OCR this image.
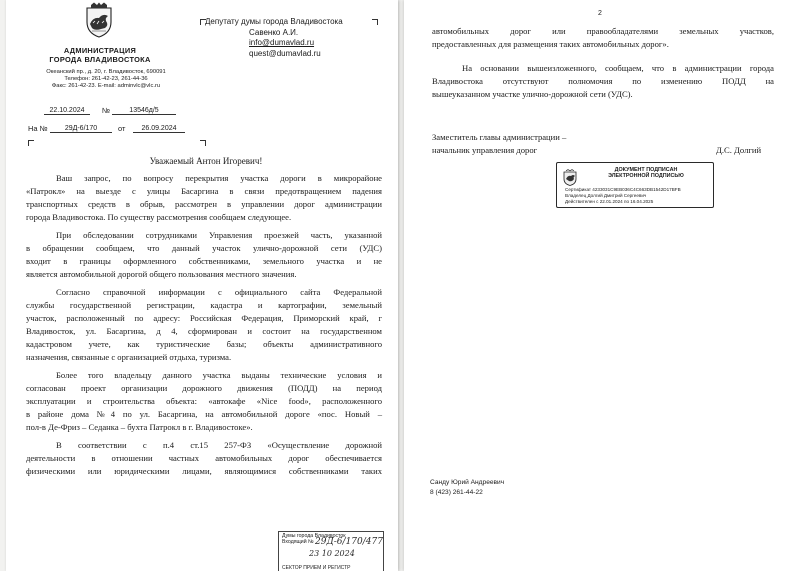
АДМИНИСТРАЦИЯ
ГОРОДА ВЛАДИВОСТОКА
Океанский пр., д. 20, г. Владивосток, 690091
Телефон: 261-42-23, 261-44-36
Факс: 261-42-23. E-mail: adminvlc@vlc.ru
22.10.2024	№	13546д/5
На №	29Д-6/170	от	26.09.2024
Депутату думы города Владивостока
Савенко А.И.
info@dumavlad.ru
quest@dumavlad.ru
Уважаемый Антон Игоревич!
Ваш запрос, по вопросу перекрытия участка дороги в микрорайоне
«Патрокл» на выезде с улицы Басаргина в связи предотвращением падения
транспортных средств в обрыв, рассмотрен в управлении дорог администрации
города Владивостока. По существу рассмотрения сообщаем следующее.
При обследовании сотрудниками Управления проезжей часть, указанной
в обращении сообщаем, что данный участок улично-дорожной сети (УДС)
входит в границы оформленного собственниками, земельного участка и не
является автомобильной дорогой общего пользования местного значения.
Согласно справочной информации с официального сайта Федеральной
службы государственной регистрации, кадастра и картографии, земельный
участок, расположенный по адресу: Российская Федерация, Приморский край, г
Владивосток, ул. Басаргина, д 4, сформирован и состоит на государственном
кадастровом учете, как туристические базы; объекты административного
назначения, связанные с организацией отдыха, туризма.
Более того владельцу данного участка выданы технические условия и
согласован проект организации дорожного движения (ПОДД) на период
эксплуатации и строительства объекта: «автокафе «Nice food», расположенного
в районе дома №4 по ул. Басаргина, на автомобильной дороге «пос. Новый –
пол-в Де-Фриз – Седанка – бухта Патрокл в г. Владивостоке».
В соответствии с п.4 ст.15 257-ФЗ «Осуществление дорожной
деятельности в отношении частных автомобильных дорог обеспечивается
физическими или юридическими лицами, являющимися собственниками таких
Думы города Владивосток
Входящий № 29Д-6/170/477
23 10 2024
СЕКТОР ПРИЕМ И РЕГИСТР
2
автомобильных дорог или правообладателями земельных участков,
предоставленных для размещения таких автомобильных дорог».
На основании вышеизложенного, сообщаем, что в администрации города
Владивостока отсутствуют полномочия по изменению ПОДД на
вышеуказанном участке улично-дорожной сети (УДС).
Заместитель главы администрации –
начальник управления дорог	Д.С. Долгий
ДОКУМЕНТ ПОДПИСАН
ЭЛЕКТРОННОЙ ПОДПИСЬЮ
Сертификат 4233031C9EB036C4C663DB1542D17BFB
Владелец Долгий Дмитрий Сергеевич
Действителен с 22.01.2024 по 16.04.2025
Санду Юрий Андреевич
8 (423) 261-44-22
